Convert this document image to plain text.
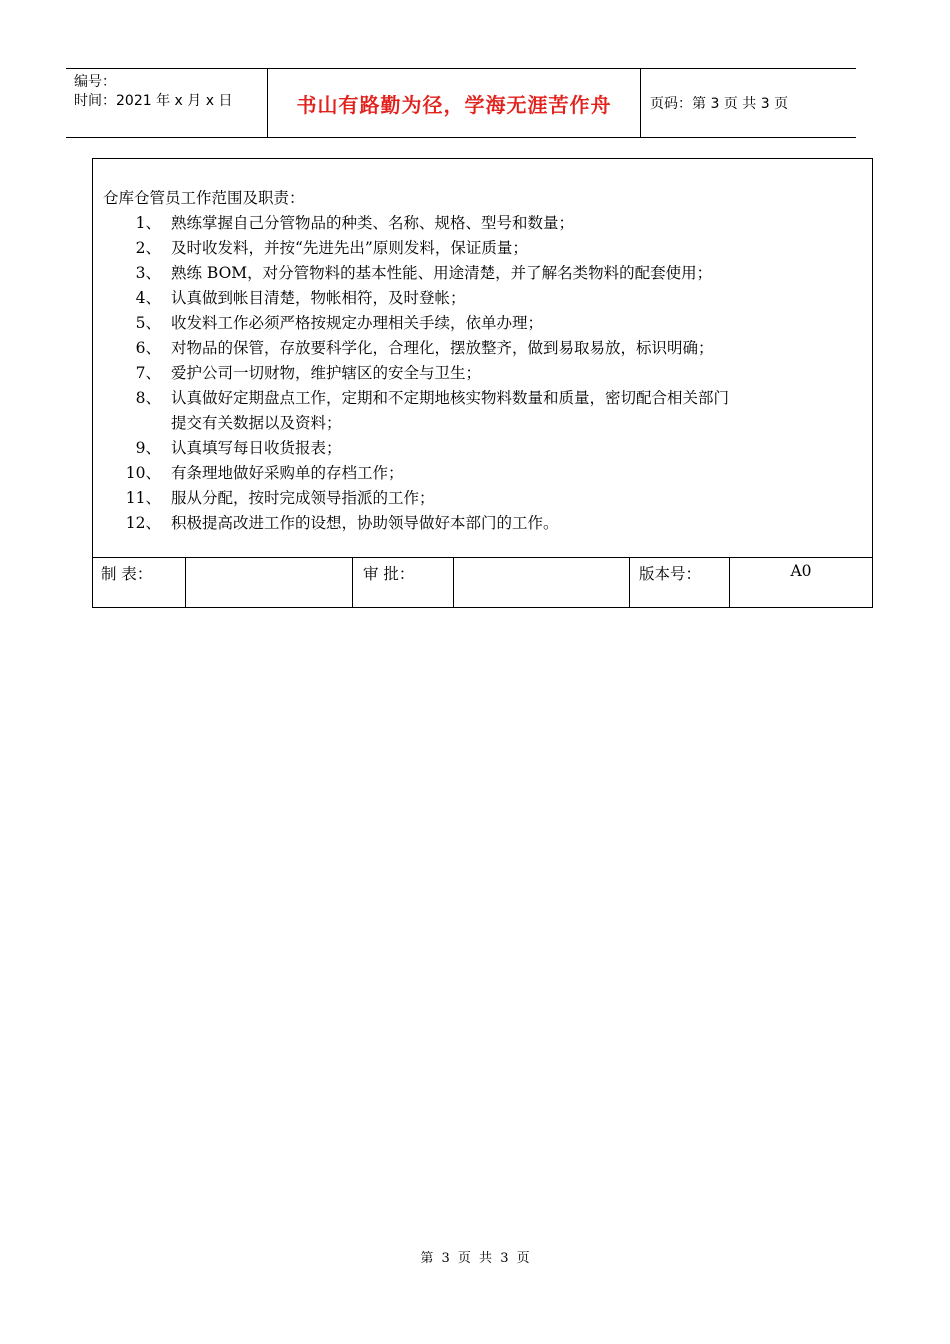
编号：
时间：2021 年 x 月 x 日	书山有路勤为径，学海无涯苦作舟	页码：第 3 页 共 3 页
仓库仓管员工作范围及职责：
1、 熟练掌握自己分管物品的种类、名称、规格、型号和数量；
2、 及时收发料，并按“先进先出”原则发料，保证质量；
3、 熟练 BOM，对分管物料的基本性能、用途清楚，并了解名类物料的配套使用；
4、 认真做到帐目清楚，物帐相符，及时登帐；
5、 收发料工作必须严格按规定办理相关手续，依单办理；
6、 对物品的保管，存放要科学化，合理化，摆放整齐，做到易取易放，标识明确；
7、 爱护公司一切财物，维护辖区的安全与卫生；
8、 认真做好定期盘点工作，定期和不定期地核实物料数量和质量，密切配合相关部门
提交有关数据以及资料；
9、 认真填写每日收货报表；
10、 有条理地做好采购单的存档工作；
11、 服从分配，按时完成领导指派的工作；
12、 积极提高改进工作的设想，协助领导做好本部门的工作。
制 表：	审 批：	版本号：	A0
第 3 页 共 3 页
